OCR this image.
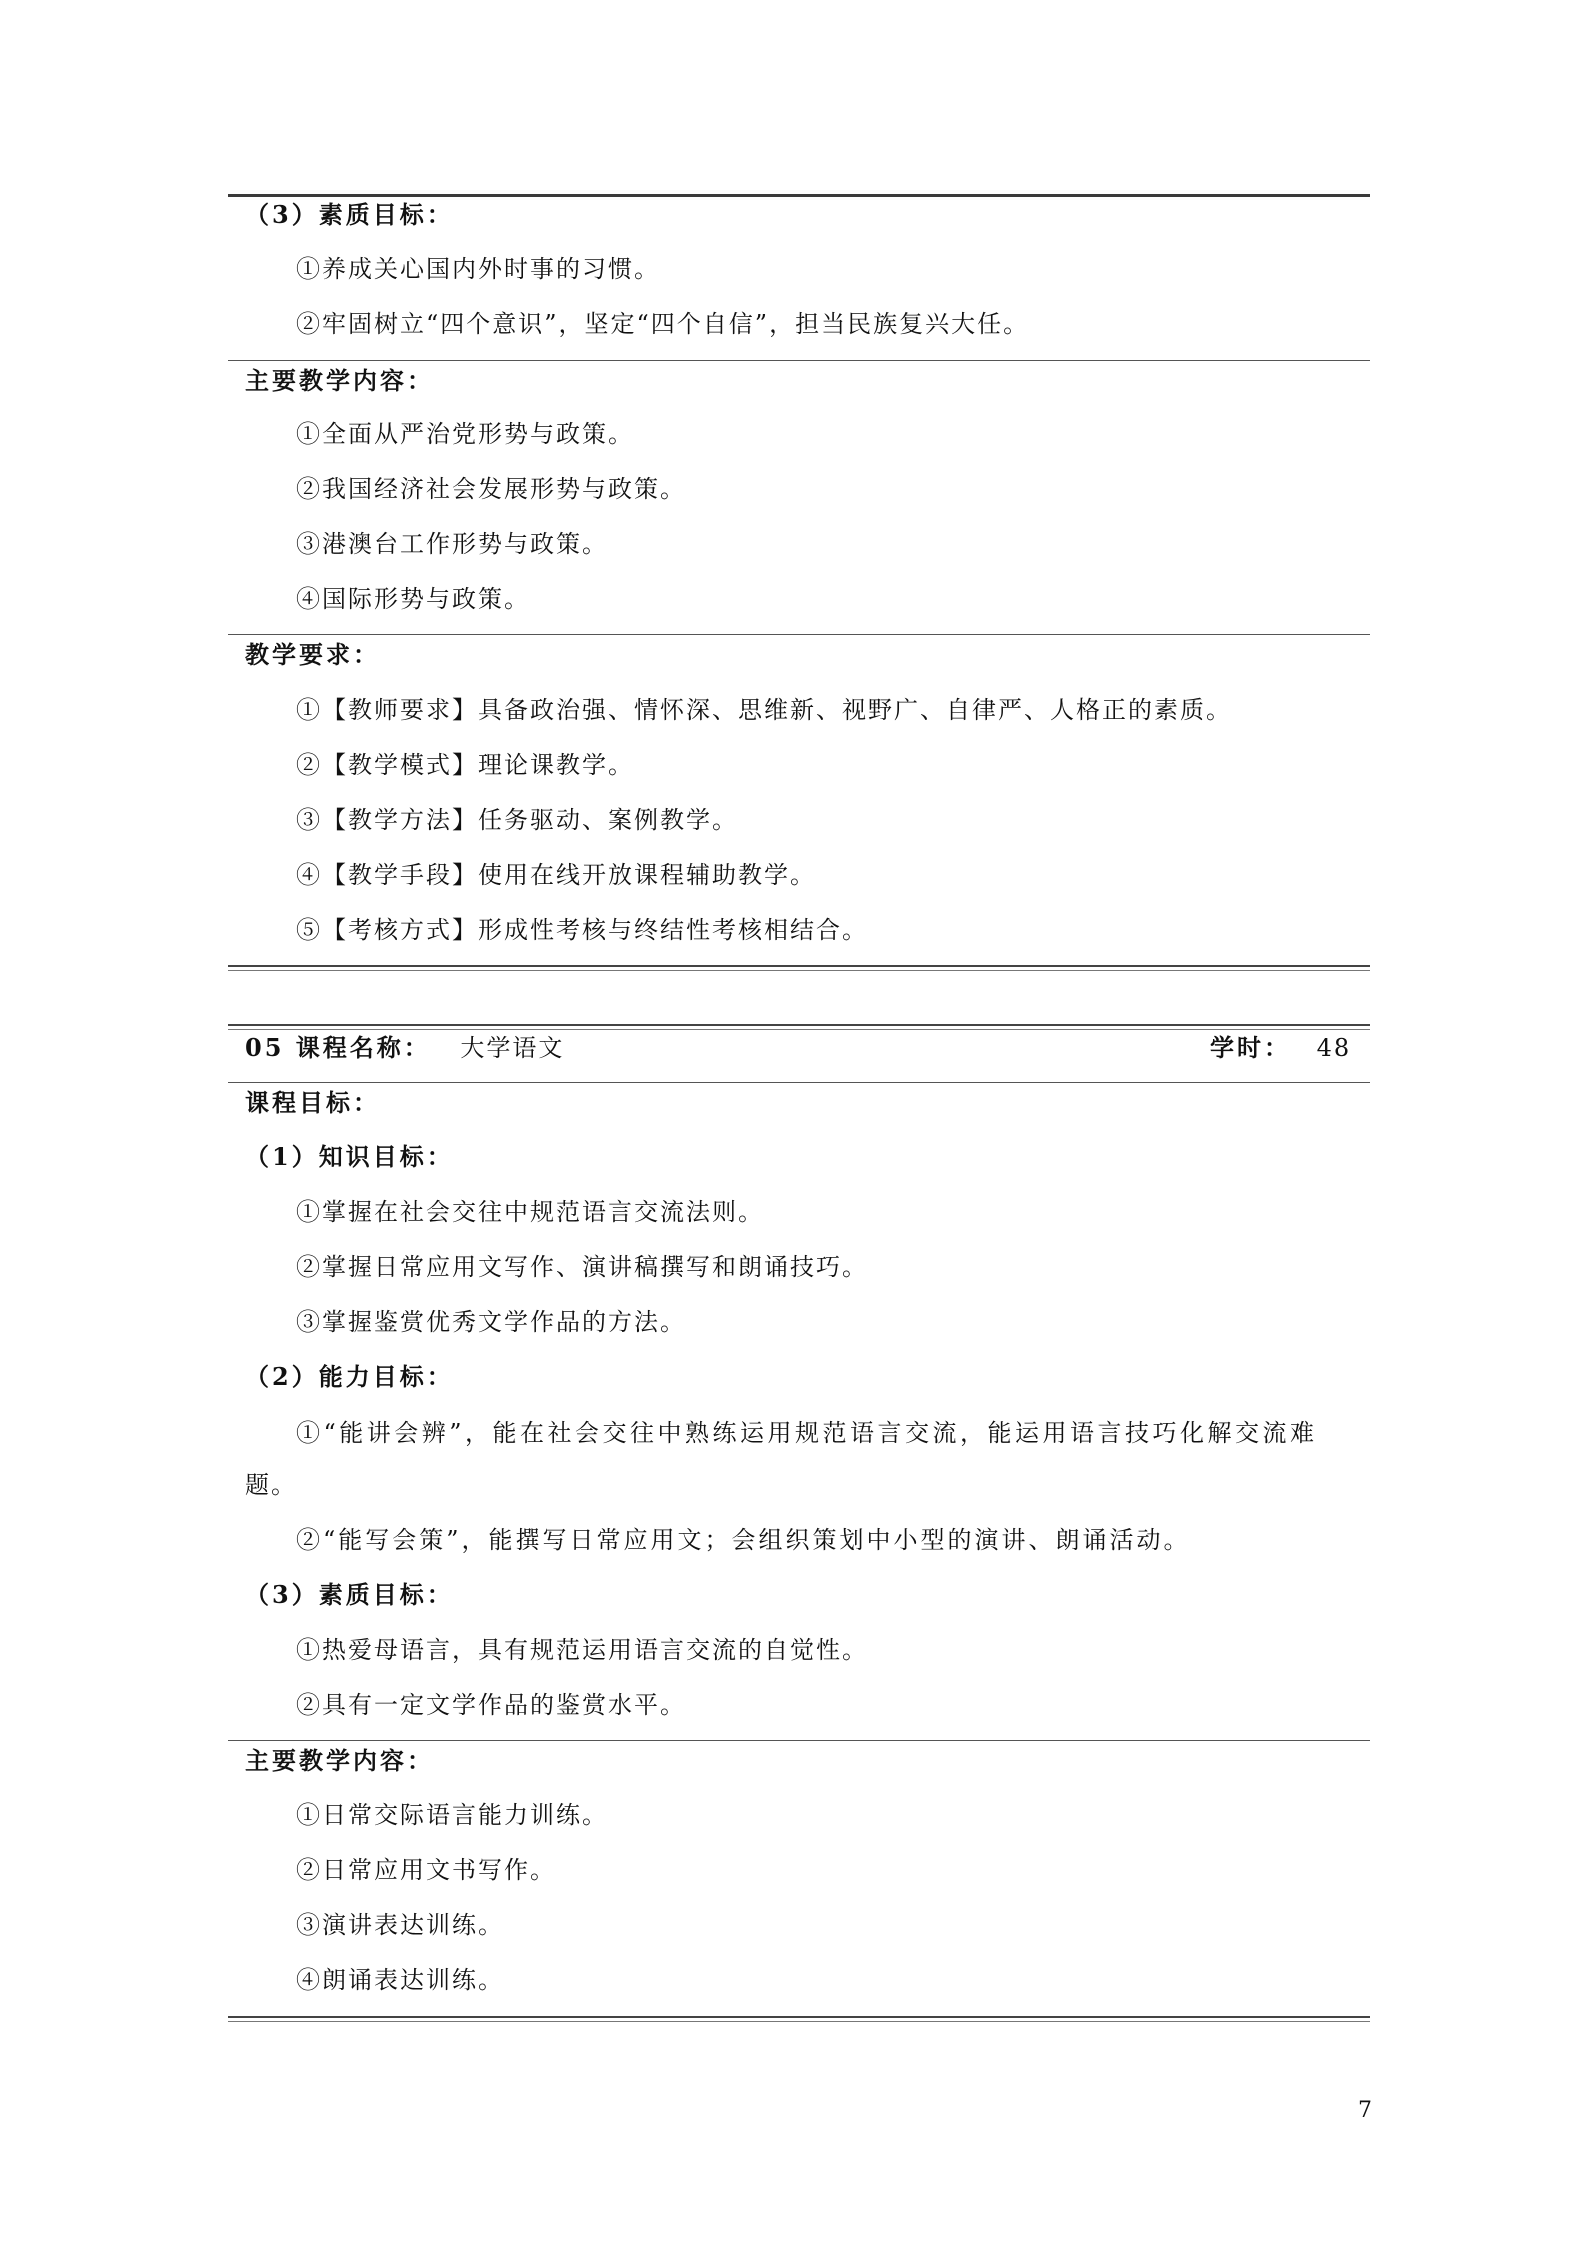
（3）素质目标：
①养成关心国内外时事的习惯。
②牢固树立“四个意识”，坚定“四个自信”，担当民族复兴大任。
主要教学内容：
①全面从严治党形势与政策。
②我国经济社会发展形势与政策。
③港澳台工作形势与政策。
④国际形势与政策。
教学要求：
①【教师要求】具备政治强、情怀深、思维新、视野广、自律严、人格正的素质。
②【教学模式】理论课教学。
③【教学方法】任务驱动、案例教学。
④【教学手段】使用在线开放课程辅助教学。
⑤【考核方式】形成性考核与终结性考核相结合。
05 课程名称： 大学语文	学时： 48
课程目标：
（1）知识目标：
①掌握在社会交往中规范语言交流法则。
②掌握日常应用文写作、演讲稿撰写和朗诵技巧。
③掌握鉴赏优秀文学作品的方法。
（2）能力目标：
①“能讲会辨”，能在社会交往中熟练运用规范语言交流，能运用语言技巧化解交流难
题。
②“能写会策”，能撰写日常应用文；会组织策划中小型的演讲、朗诵活动。
（3）素质目标：
①热爱母语言，具有规范运用语言交流的自觉性。
②具有一定文学作品的鉴赏水平。
主要教学内容：
①日常交际语言能力训练。
②日常应用文书写作。
③演讲表达训练。
④朗诵表达训练。
7
